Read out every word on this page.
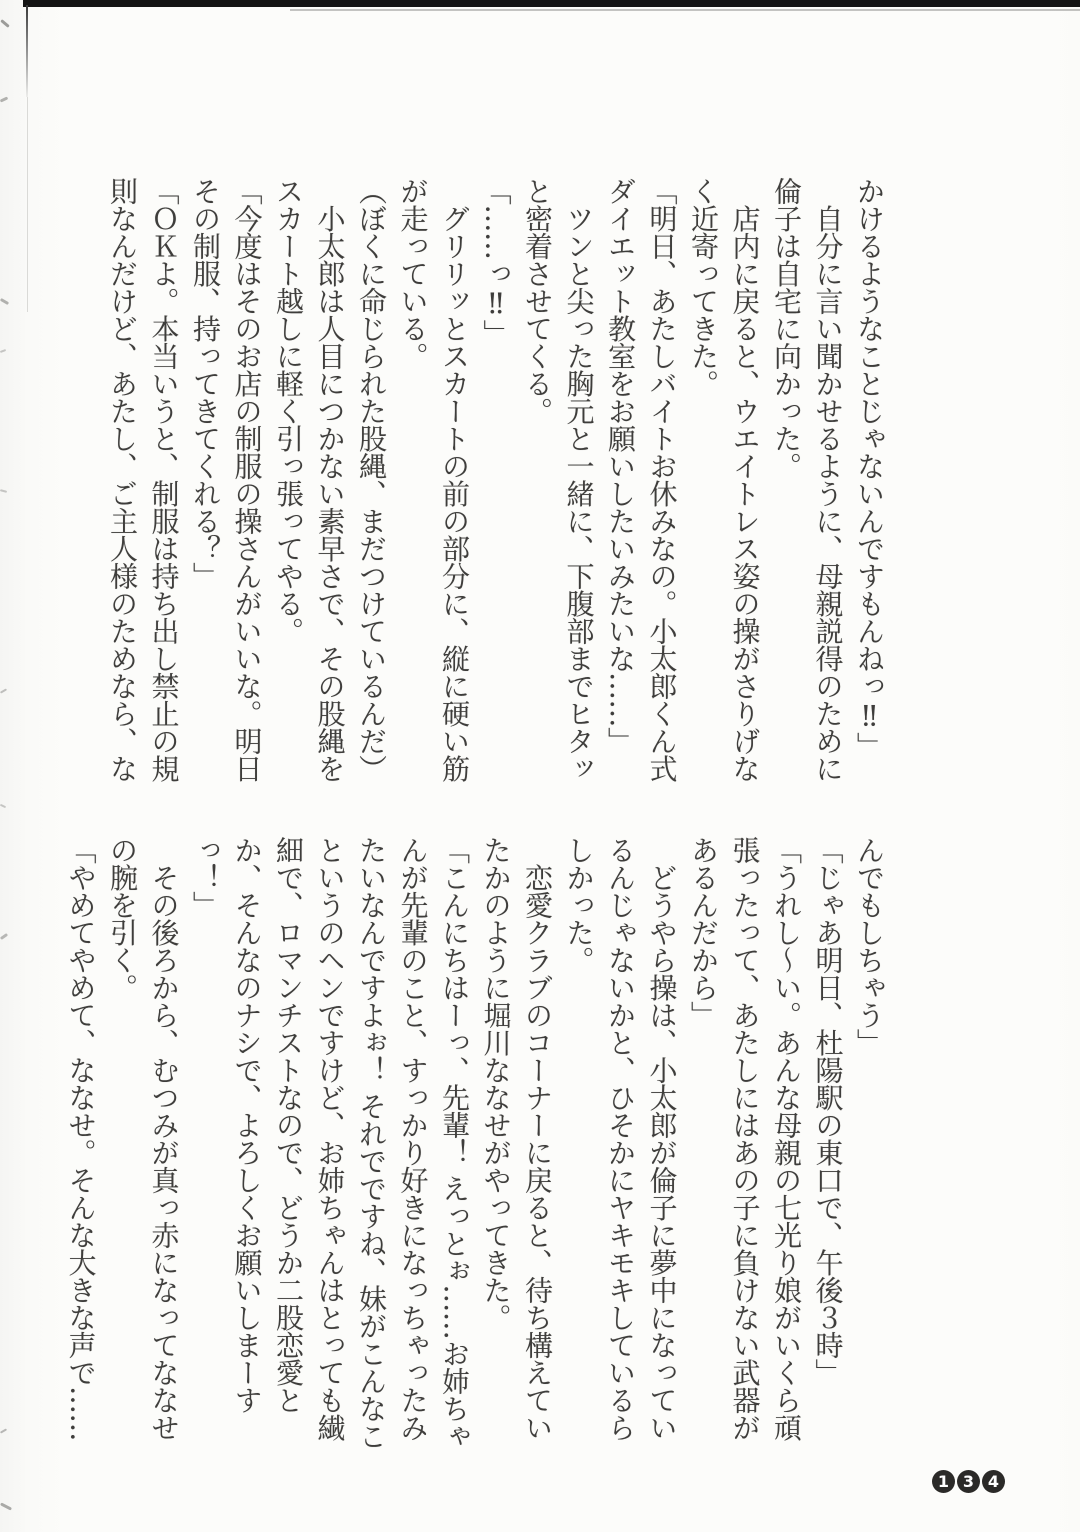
かけるようなことじゃないんですもんねっ‼」

　自分に言い聞かせるように、母親説得のために倫子は自宅に向かった。

　店内に戻ると、ウエイトレス姿の操がさりげなく近寄ってきた。

「明日、あたしバイトお休みなの。小太郎くん式ダイエット教室をお願いしたいみたいな……」

　ツンと尖った胸元と一緒に、下腹部までヒタッと密着させてくる。

「……っ‼」

　グリリッとスカートの前の部分に、縦に硬い筋が走っている。

（ぼくに命じられた股縄、まだつけているんだ）

　小太郎は人目につかない素早さで、その股縄をスカート越しに軽く引っ張ってやる。

「今度はそのお店の制服の操さんがいいな。明日その制服、持ってきてくれる？」

「ＯＫよ。本当いうと、制服は持ち出し禁止の規則なんだけど、あたし、ご主人様のためなら、な

んでもしちゃう」

「じゃあ明日、杜陽駅の東口で、午後３時」

「うれし〜い。あんな母親の七光り娘がいくら頑張ったって、あたしにはあの子に負けない武器があるんだから」

　どうやら操は、小太郎が倫子に夢中になっているんじゃないかと、ひそかにヤキモキしているらしかった。

　恋愛クラブのコーナーに戻ると、待ち構えていたかのように堀川ななせがやってきた。

「こんにちはーっ、先輩！ えっとぉ……お姉ちゃんが先輩のこと、すっかり好きになっちゃったみたいなんですよぉ！ それでですね、妹がこんなこというのヘンですけど、お姉ちゃんはとっても繊細で、ロマンチストなので、どうか二股恋愛とか、そんなのナシで、よろしくお願いしまーすっ！」

　その後ろから、むつみが真っ赤になってななせの腕を引く。

「やめてやめて、ななせ。そんな大きな声で……

1 3 4
